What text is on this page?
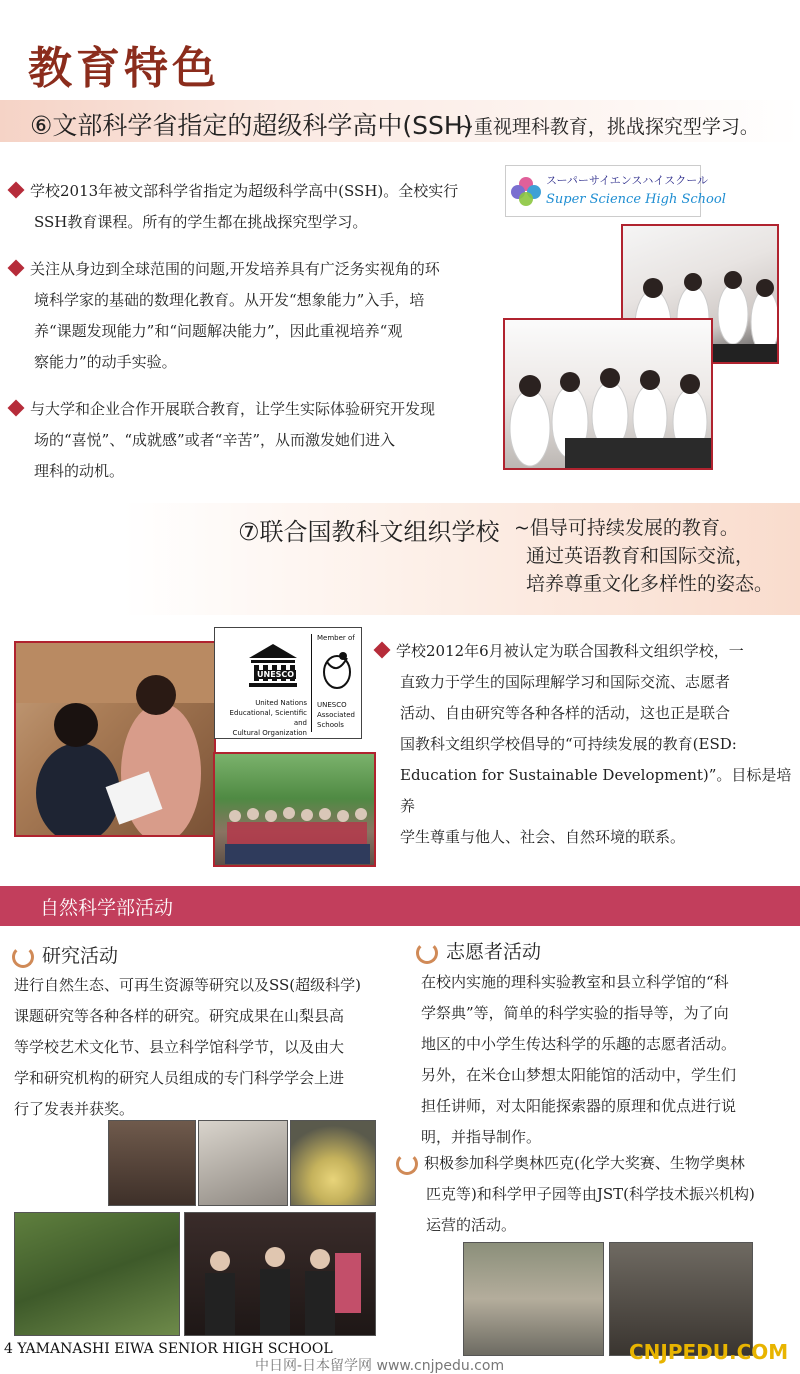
教育特色
⑥文部科学省指定的超级科学高中(SSH)
~重视理科教育，挑战探究型学习。
学校2013年被文部科学省指定为超级科学高中(SSH)。全校实行
SSH教育课程。所有的学生都在挑战探究型学习。
关注从身边到全球范围的问题,开发培养具有广泛务实视角的环
境科学家的基础的数理化教育。从开发“想象能力”入手，培
养“课题发现能力”和“问题解决能力”，因此重视培养“观
察能力”的动手实验。
与大学和企业合作开展联合教育，让学生实际体验研究开发现
场的“喜悦”、“成就感”或者“辛苦”，从而激发她们进入
理科的动机。
スーパーサイエンスハイスクール
Super Science High School
⑦联合国教科文组织学校 ~倡导可持续发展的教育。
通过英语教育和国际交流，
培养尊重文化多样性的姿态。
UNESCO
United Nations
Educational, Scientific and
Cultural Organization
Member of
UNESCO
Associated
Schools
学校2012年6月被认定为联合国教科文组织学校，一
直致力于学生的国际理解学习和国际交流、志愿者
活动、自由研究等各种各样的活动，这也正是联合
国教科文组织学校倡导的“可持续发展的教育(ESD:
Education for Sustainable Development)”。目标是培养
学生尊重与他人、社会、自然环境的联系。
自然科学部活动
研究活动
进行自然生态、可再生资源等研究以及SS(超级科学)
课题研究等各种各样的研究。研究成果在山梨县高
等学校艺术文化节、县立科学馆科学节，以及由大
学和研究机构的研究人员组成的专门科学学会上进
行了发表并获奖。
志愿者活动
在校内实施的理科实验教室和县立科学馆的“科
学祭典”等，简单的科学实验的指导等，为了向
地区的中小学生传达科学的乐趣的志愿者活动。
另外，在米仓山梦想太阳能馆的活动中，学生们
担任讲师，对太阳能探索器的原理和优点进行说
明，并指导制作。
积极参加科学奥林匹克(化学大奖赛、生物学奥林
匹克等)和科学甲子园等由JST(科学技术振兴机构)
运营的活动。
4 YAMANASHI EIWA SENIOR HIGH SCHOOL
中日网-日本留学网 www.cnjpedu.com
CNJPEDU.COM
